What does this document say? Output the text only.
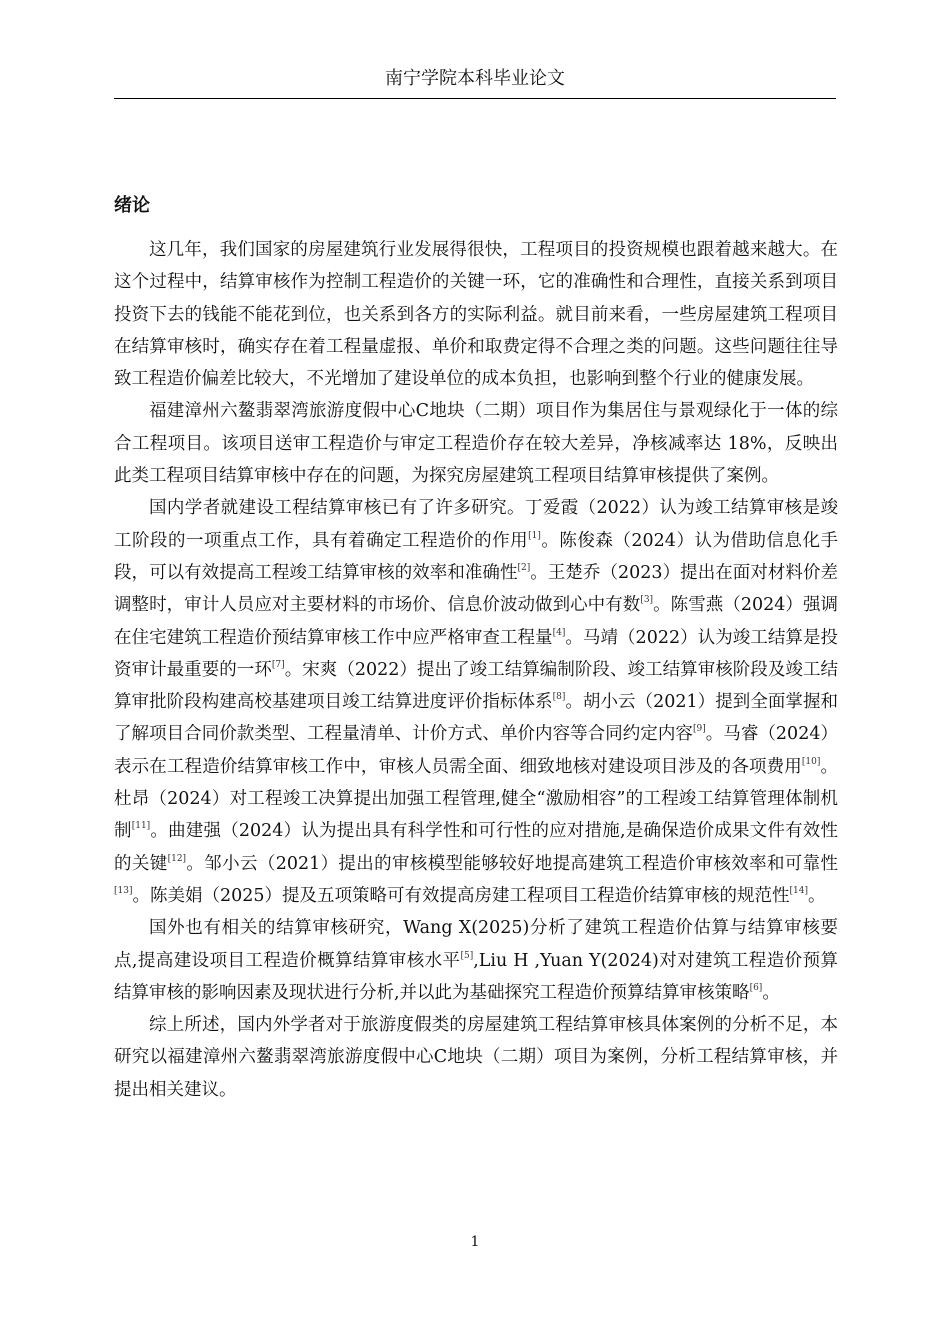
南宁学院本科毕业论文
绪论

这几年，我们国家的房屋建筑行业发展得很快，工程项目的投资规模也跟着越来越大。在这个过程中，结算审核作为控制工程造价的关键一环，它的准确性和合理性，直接关系到项目投资下去的钱能不能花到位，也关系到各方的实际利益。就目前来看，一些房屋建筑工程项目在结算审核时，确实存在着工程量虚报、单价和取费定得不合理之类的问题。这些问题往往导致工程造价偏差比较大，不光增加了建设单位的成本负担，也影响到整个行业的健康发展。

福建漳州六鳌翡翠湾旅游度假中心C地块（二期）项目作为集居住与景观绿化于一体的综合工程项目。该项目送审工程造价与审定工程造价存在较大差异，净核减率达 18%，反映出此类工程项目结算审核中存在的问题，为探究房屋建筑工程项目结算审核提供了案例。

国内学者就建设工程结算审核已有了许多研究。丁爱霞（2022）认为竣工结算审核是竣工阶段的一项重点工作，具有着确定工程造价的作用[1]。陈俊森（2024）认为借助信息化手段，可以有效提高工程竣工结算审核的效率和准确性[2]。王楚乔（2023）提出在面对材料价差调整时，审计人员应对主要材料的市场价、信息价波动做到心中有数[3]。陈雪燕（2024）强调在住宅建筑工程造价预结算审核工作中应严格审查工程量[4]。马靖（2022）认为竣工结算是投资审计最重要的一环[7]。宋爽（2022）提出了竣工结算编制阶段、竣工结算审核阶段及竣工结算审批阶段构建高校基建项目竣工结算进度评价指标体系[8]。胡小云（2021）提到全面掌握和了解项目合同价款类型、工程量清单、计价方式、单价内容等合同约定内容[9]。马睿（2024）表示在工程造价结算审核工作中，审核人员需全面、细致地核对建设项目涉及的各项费用[10]。杜昂（2024）对工程竣工决算提出加强工程管理,健全“激励相容”的工程竣工结算管理体制机制[11]。曲建强（2024）认为提出具有科学性和可行性的应对措施,是确保造价成果文件有效性的关键[12]。邹小云（2021）提出的审核模型能够较好地提高建筑工程造价审核效率和可靠性[13]。陈美娟（2025）提及五项策略可有效提高房建工程项目工程造价结算审核的规范性[14]。

国外也有相关的结算审核研究，Wang X(2025)分析了建筑工程造价估算与结算审核要点,提高建设项目工程造价概算结算审核水平[5],Liu H ,Yuan Y(2024)对对建筑工程造价预算结算审核的影响因素及现状进行分析,并以此为基础探究工程造价预算结算审核策略[6]。

综上所述，国内外学者对于旅游度假类的房屋建筑工程结算审核具体案例的分析不足，本研究以福建漳州六鳌翡翠湾旅游度假中心C地块（二期）项目为案例，分析工程结算审核，并提出相关建议。

1
